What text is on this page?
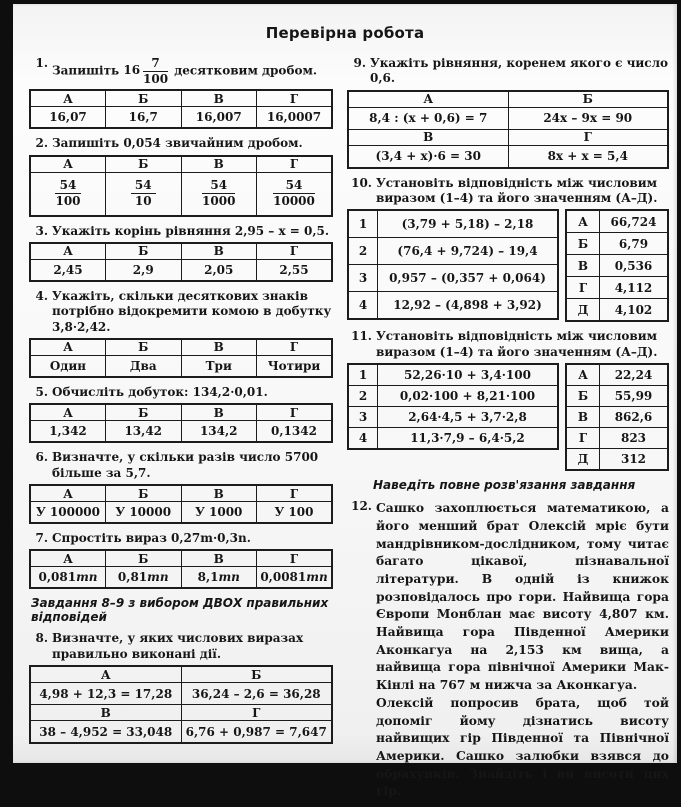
Перевірна робота
1.
Запишіть $16 \frac{7}{100}$ десятковим дробом.
А	Б	В	Г
16,07	16,7	16,007	16,0007
2. Запишіть 0,054 звичайним дробом.
А	Б	В	Г

$\frac{54}{100}$	$\frac{54}{10}$	$\frac{54}{1000}$	$\frac{54}{10000}$
3. Укажіть корінь рівняння 2,95 – x = 0,5.
А	Б	В	Г
2,45	2,9	2,05	2,55
4. Укажіть, скільки десяткових знаків потрібно відокремити комою в добутку 3,8·2,42.
А	Б	В	Г
Один	Два	Три	Чотири
5. Обчисліть добуток: 134,2·0,01.
А	Б	В	Г
1,342	13,42	134,2	0,1342
6. Визначте, у скільки разів число 5700 більше за 5,7.
А	Б	В	Г
У 100000	У 10000	У 1000	У 100
7. Спростіть вираз 0,27m·0,3n.
А	Б	В	Г
0,081mn	0,81mn	8,1mn	0,0081mn
Завдання 8–9 з вибором ДВОХ правильних відповідей
8. Визначте, у яких числових виразах правильно виконані дії.
А	Б
4,98 + 12,3 = 17,28	36,24 – 2,6 = 36,28
В	Г
38 – 4,952 = 33,048	6,76 + 0,987 = 7,647
9. Укажіть рівняння, коренем якого є число 0,6.
А	Б
8,4 : (x + 0,6) = 7	24x – 9x = 90
В	Г
(3,4 + x)·6 = 30	8x + x = 5,4
10. Установіть відповідність між числовим виразом (1–4) та його значенням (А–Д).
1	(3,79 + 5,18) – 2,18
2	(76,4 + 9,724) – 19,4
3	0,957 – (0,357 + 0,064)
4	12,92 – (4,898 + 3,92)
А	66,724
Б	6,79
В	0,536
Г	4,112
Д	4,102
11. Установіть відповідність між числовим виразом (1–4) та його значенням (А–Д).
1	52,26·10 + 3,4·100
2	0,02·100 + 8,21·100
3	2,64·4,5 + 3,7·2,8
4	11,3·7,9 – 6,4·5,2
А	22,24
Б	55,99
В	862,6
Г	823
Д	312
Наведіть повне розв'язання завдання
12. Сашко захоплюється математикою, а його менший брат Олексій мріє бути мандрівником-дослідником, тому читає багато цікавої, пізнавальної літератури. В одній із книжок розповідалось про гори. Найвища гора Європи Монблан має висоту 4,807 км. Найвища гора Південної Америки Аконкагуа на 2,153 км вища, а найвища гора північної Америки Мак-Кінлі на 767 м нижча за Аконкагуа.

Олексій попросив брата, щоб той допоміг йому дізнатись висоту найвищих гір Південної та Північної Америки. Сашко залюбки взявся до обрахунків. Знайдіть і ви висоти цих гір.
